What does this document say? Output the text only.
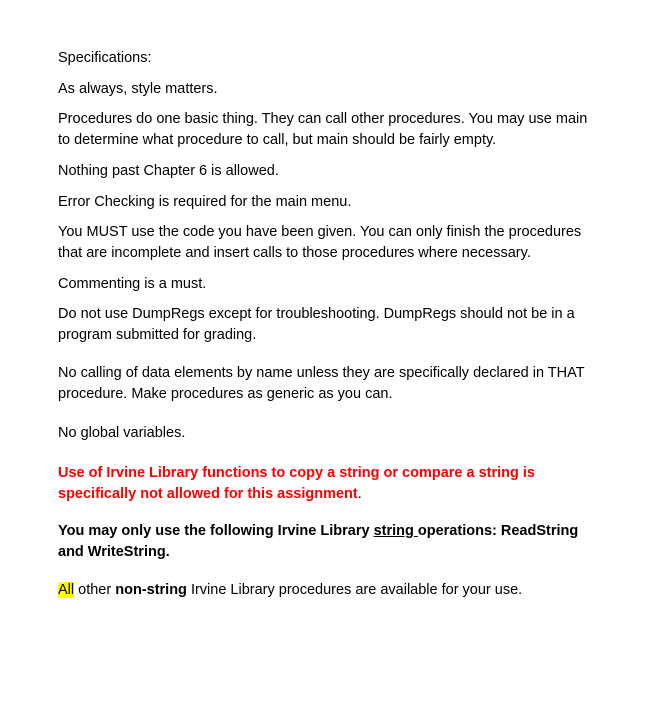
Specifications:

As always, style matters.

Procedures do one basic thing. They can call other procedures. You may use main to determine what procedure to call, but main should be fairly empty.

Nothing past Chapter 6 is allowed.

Error Checking is required for the main menu.

You MUST use the code you have been given. You can only finish the procedures that are incomplete and insert calls to those procedures where necessary.

Commenting is a must.

Do not use DumpRegs except for troubleshooting. DumpRegs should not be in a program submitted for grading.

No calling of data elements by name unless they are specifically declared in THAT procedure. Make procedures as generic as you can.

No global variables.

Use of Irvine Library functions to copy a string or compare a string is specifically not allowed for this assignment.

You may only use the following Irvine Library string operations: ReadString and WriteString.

All other non-string Irvine Library procedures are available for your use.
